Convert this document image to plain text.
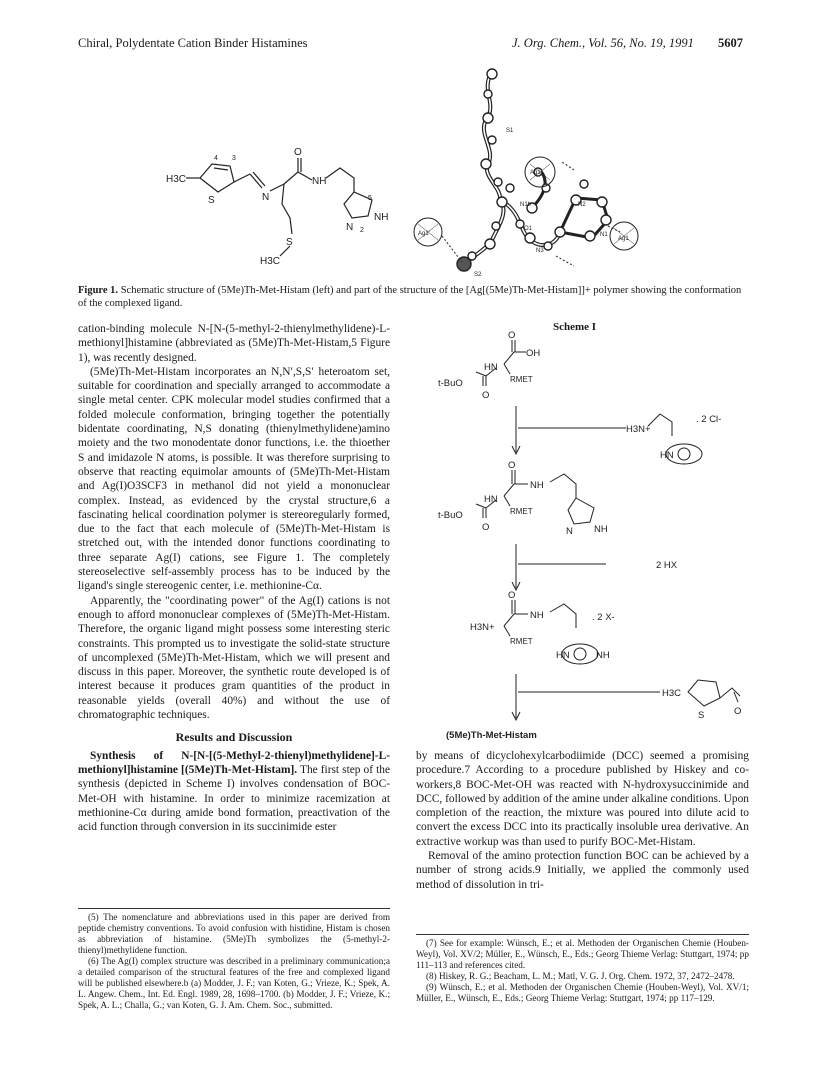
Chiral, Polydentate Cation Binder Histamines	J. Org. Chem., Vol. 56, No. 19, 1991 5607
H3C
S	N
O
NH
S
H3C
N
NH
4 3
5
2	Ag1'
Ag1
Ag1
N1
N2
N3
O1
N1b
S1
S2
Figure 1. Schematic structure of (5Me)Th-Met-Histam (left) and part of the structure of the [Ag[(5Me)Th-Met-Histam]]+ polymer showing the conformation of the complexed ligand.

cation-binding molecule N-[N-(5-methyl-2-thienylmethylidene)-L-methionyl]histamine (abbreviated as (5Me)Th-Met-Histam,5 Figure 1), was recently designed.

(5Me)Th-Met-Histam incorporates an N,N′,S,S′ heteroatom set, suitable for coordination and specially arranged to accommodate a single metal center. CPK molecular model studies confirmed that a folded molecule conformation, bringing together the potentially bidentate coordinating, N,S donating (thienylmethylidene)amino moiety and the two monodentate donor functions, i.e. the thioether S and imidazole N atoms, is possible. It was therefore surprising to observe that reacting equimolar amounts of (5Me)Th-Met-Histam and Ag(I)O3SCF3 in methanol did not yield a mononuclear complex. Instead, as evidenced by the crystal structure,6 a fascinating helical coordination polymer is stereoregularly formed, due to the fact that each molecule of (5Me)Th-Met-Histam is stretched out, with the intended donor functions coordinating to three separate Ag(I) cations, see Figure 1. The completely stereoselective self-assembly process has to be induced by the ligand's single stereogenic center, i.e. methionine-Cα.

Apparently, the "coordinating power" of the Ag(I) cations is not enough to afford mononuclear complexes of (5Me)Th-Met-Histam. Therefore, the organic ligand might possess some interesting steric constraints. This prompted us to investigate the solid-state structure of uncomplexed (5Me)Th-Met-Histam, which we will present and discuss in this paper. Moreover, the synthetic route developed is of interest because it produces gram quantities of the product in reasonable yields (overall 40%) and without the use of chromatographic techniques.

Results and Discussion

Synthesis of N-[N-[(5-Methyl-2-thienyl)methylidene]-L-methionyl]histamine [(5Me)Th-Met-Histam]. The first step of the synthesis (depicted in Scheme I) involves condensation of BOC-Met-OH with histamine. In order to minimize racemization at methionine-Cα during amide bond formation, preactivation of the acid function through conversion in its succinimide ester

Scheme I
O
OH
HN
t-BuO
O
RMET
H3N+
. 2 Cl-
HN
O
NH
HN
t-BuO
O
RMET
N NH
2 HX
O
NH	. 2 X-
H3N+
RMET
HN	NH
H3C
S	O
(5Me)Th-Met-Histam

by means of dicyclohexylcarbodiimide (DCC) seemed a promising procedure.7 According to a procedure published by Hiskey and co-workers,8 BOC-Met-OH was reacted with N-hydroxysuccinimide and DCC, followed by addition of the amine under alkaline conditions. Upon completion of the reaction, the mixture was poured into dilute acid to convert the excess DCC into its practically insoluble urea derivative. An extractive workup was than used to purify BOC-Met-Histam.

Removal of the amino protection function BOC can be achieved by a number of strong acids.9 Initially, we applied the commonly used method of dissolution in tri-

(5) The nomenclature and abbreviations used in this paper are derived from peptide chemistry conventions. To avoid confusion with histidine, Histam is chosen as abbreviation of histamine. (5Me)Th symbolizes the (5-methyl-2-thienyl)methylidene function.

(6) The Ag(I) complex structure was described in a preliminary communication;a a detailed comparison of the structural features of the free and complexed ligand will be published elsewhere.b (a) Modder, J. F.; van Koten, G.; Vrieze, K.; Spek, A. L. Angew. Chem., Int. Ed. Engl. 1989, 28, 1698–1700. (b) Modder, J. F.; Vrieze, K.; Spek, A. L.; Challa, G.; van Koten, G. J. Am. Chem. Soc., submitted.

(7) See for example: Wünsch, E.; et al. Methoden der Organischen Chemie (Houben-Weyl), Vol. XV/2; Müller, E., Wünsch, E., Eds.; Georg Thieme Verlag: Stuttgart, 1974; pp 111–113 and references cited.

(8) Hiskey, R. G.; Beacham, L. M.; Matl, V. G. J. Org. Chem. 1972, 37, 2472–2478.

(9) Wünsch, E.; et al. Methoden der Organischen Chemie (Houben-Weyl), Vol. XV/1; Müller, E., Wünsch, E., Eds.; Georg Thieme Verlag: Stuttgart, 1974; pp 117–129.
